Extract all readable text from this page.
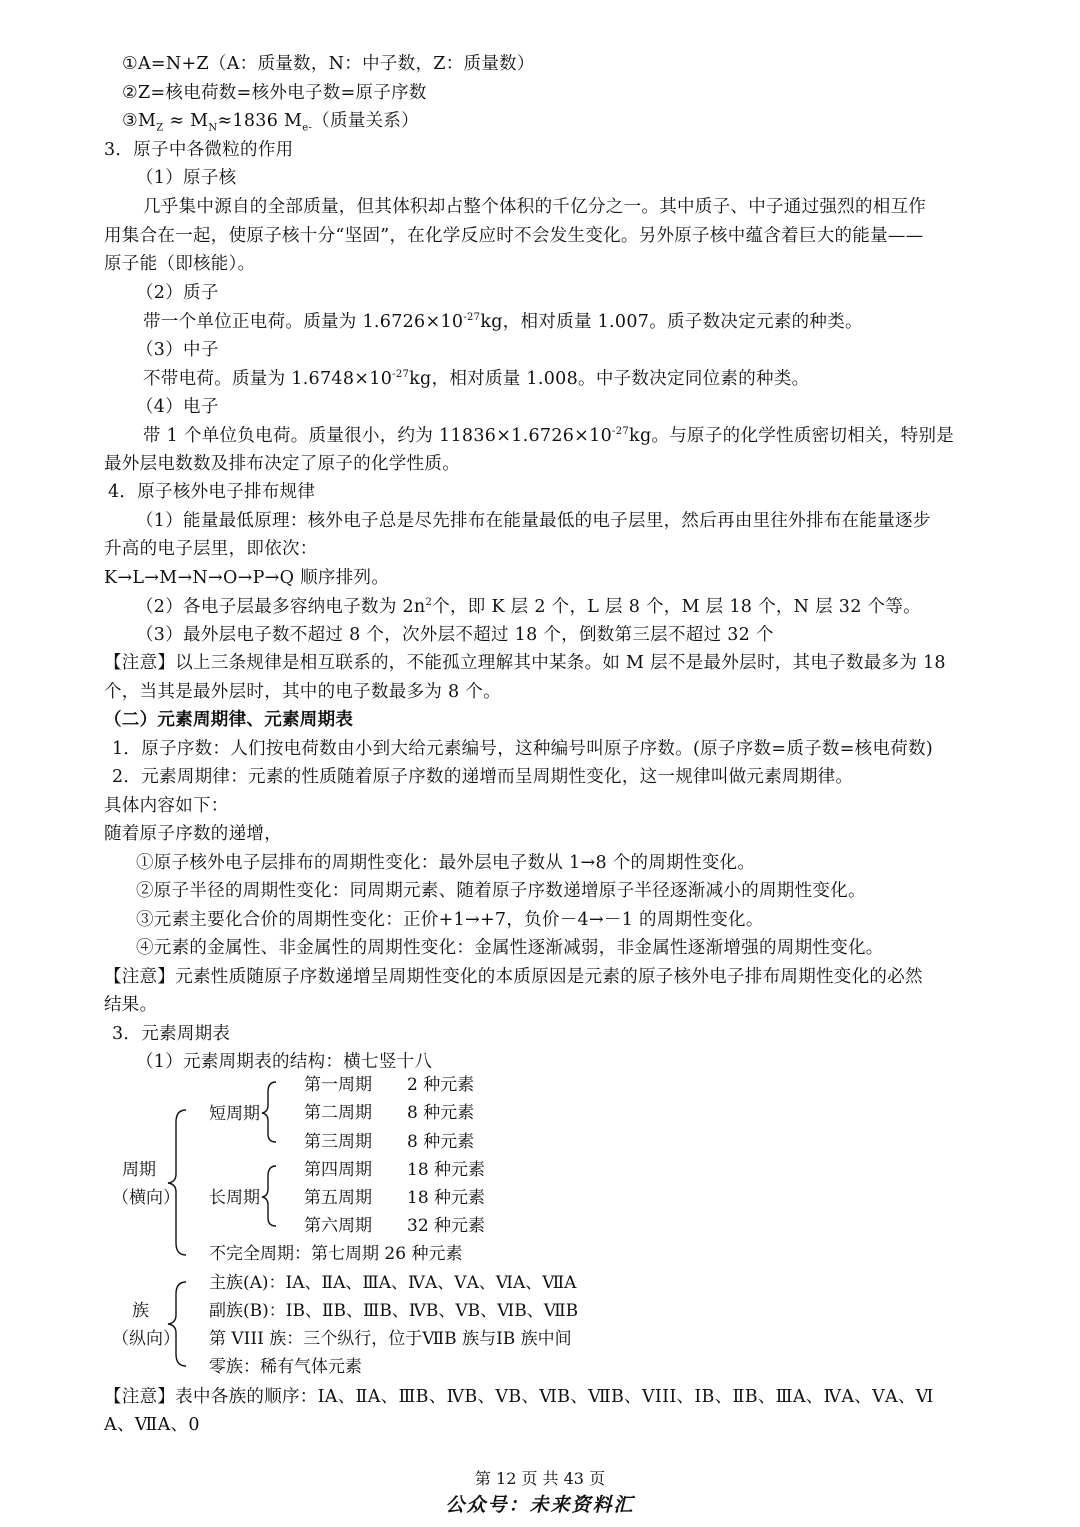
①A=N+Z（A：质量数，N：中子数，Z：质量数）
②Z=核电荷数=核外电子数=原子序数
$③M_Z \approx M_N\approx 1836$ $M_{e-}$（质量关系）
3．原子中各微粒的作用
（1）原子核
几乎集中源自的全部质量，但其体积却占整个体积的千亿分之一。其中质子、中子通过强烈的相互作
用集合在一起，使原子核十分“坚固”，在化学反应时不会发生变化。另外原子核中蕴含着巨大的能量——
原子能（即核能）。
（2）质子
带一个单位正电荷。质量为 $1.6726\times 10^{-27}kg$，相对质量 1.007。质子数决定元素的种类。
（3）中子
不带电荷。质量为 $1.6748\times 10^{-27}kg$，相对质量 1.008。中子数决定同位素的种类。
（4）电子
带 1 个单位负电荷。质量很小，约为 $11836\times 1.6726\times 10^{-27}kg$。与原子的化学性质密切相关，特别是
最外层电数数及排布决定了原子的化学性质。
4．原子核外电子排布规律
（1）能量最低原理：核外电子总是尽先排布在能量最低的电子层里，然后再由里往外排布在能量逐步
升高的电子层里，即依次：
K→L→M→N→O→P→Q 顺序排列。
（2）各电子层最多容纳电子数为 $2n^2$个，即 K 层 2 个，L 层 8 个，M 层 18 个，N 层 32 个等。
（3）最外层电子数不超过 8 个，次外层不超过 18 个，倒数第三层不超过 32 个
【注意】以上三条规律是相互联系的，不能孤立理解其中某条。如 M 层不是最外层时，其电子数最多为 18
个，当其是最外层时，其中的电子数最多为 8 个。
（二）元素周期律、元素周期表
1．原子序数：人们按电荷数由小到大给元素编号，这种编号叫原子序数。(原子序数=质子数=核电荷数)
2．元素周期律：元素的性质随着原子序数的递增而呈周期性变化，这一规律叫做元素周期律。
具体内容如下：
随着原子序数的递增，
①原子核外电子层排布的周期性变化：最外层电子数从 1→8 个的周期性变化。
②原子半径的周期性变化：同周期元素、随着原子序数递增原子半径逐渐减小的周期性变化。
③元素主要化合价的周期性变化：正价+1→+7，负价－4→－1 的周期性变化。
④元素的金属性、非金属性的周期性变化：金属性逐渐减弱，非金属性逐渐增强的周期性变化。
【注意】元素性质随原子序数递增呈周期性变化的本质原因是元素的原子核外电子排布周期性变化的必然
结果。
3．元素周期表
（1）元素周期表的结构：横七竖十八
周期
（横向）
短周期
长周期
第一周期 2 种元素
第二周期 8 种元素
第三周期 8 种元素
第四周期 18 种元素
第五周期 18 种元素
第六周期 32 种元素
不完全周期：第七周期 26 种元素
族
（纵向）
主族(A)：ⅠA、ⅡA、ⅢA、ⅣA、ⅤA、ⅥA、ⅦA
副族(B)：ⅠB、ⅡB、ⅢB、ⅣB、ⅤB、ⅥB、ⅦB
第 VIII 族：三个纵行，位于ⅦB 族与ⅠB 族中间
零族：稀有气体元素
【注意】表中各族的顺序：ⅠA、ⅡA、ⅢB、ⅣB、ⅤB、ⅥB、ⅦB、VIII、ⅠB、ⅡB、ⅢA、ⅣA、ⅤA、Ⅵ
A、ⅦA、0
第 12 页 共 43 页
公众号：未来资料汇
